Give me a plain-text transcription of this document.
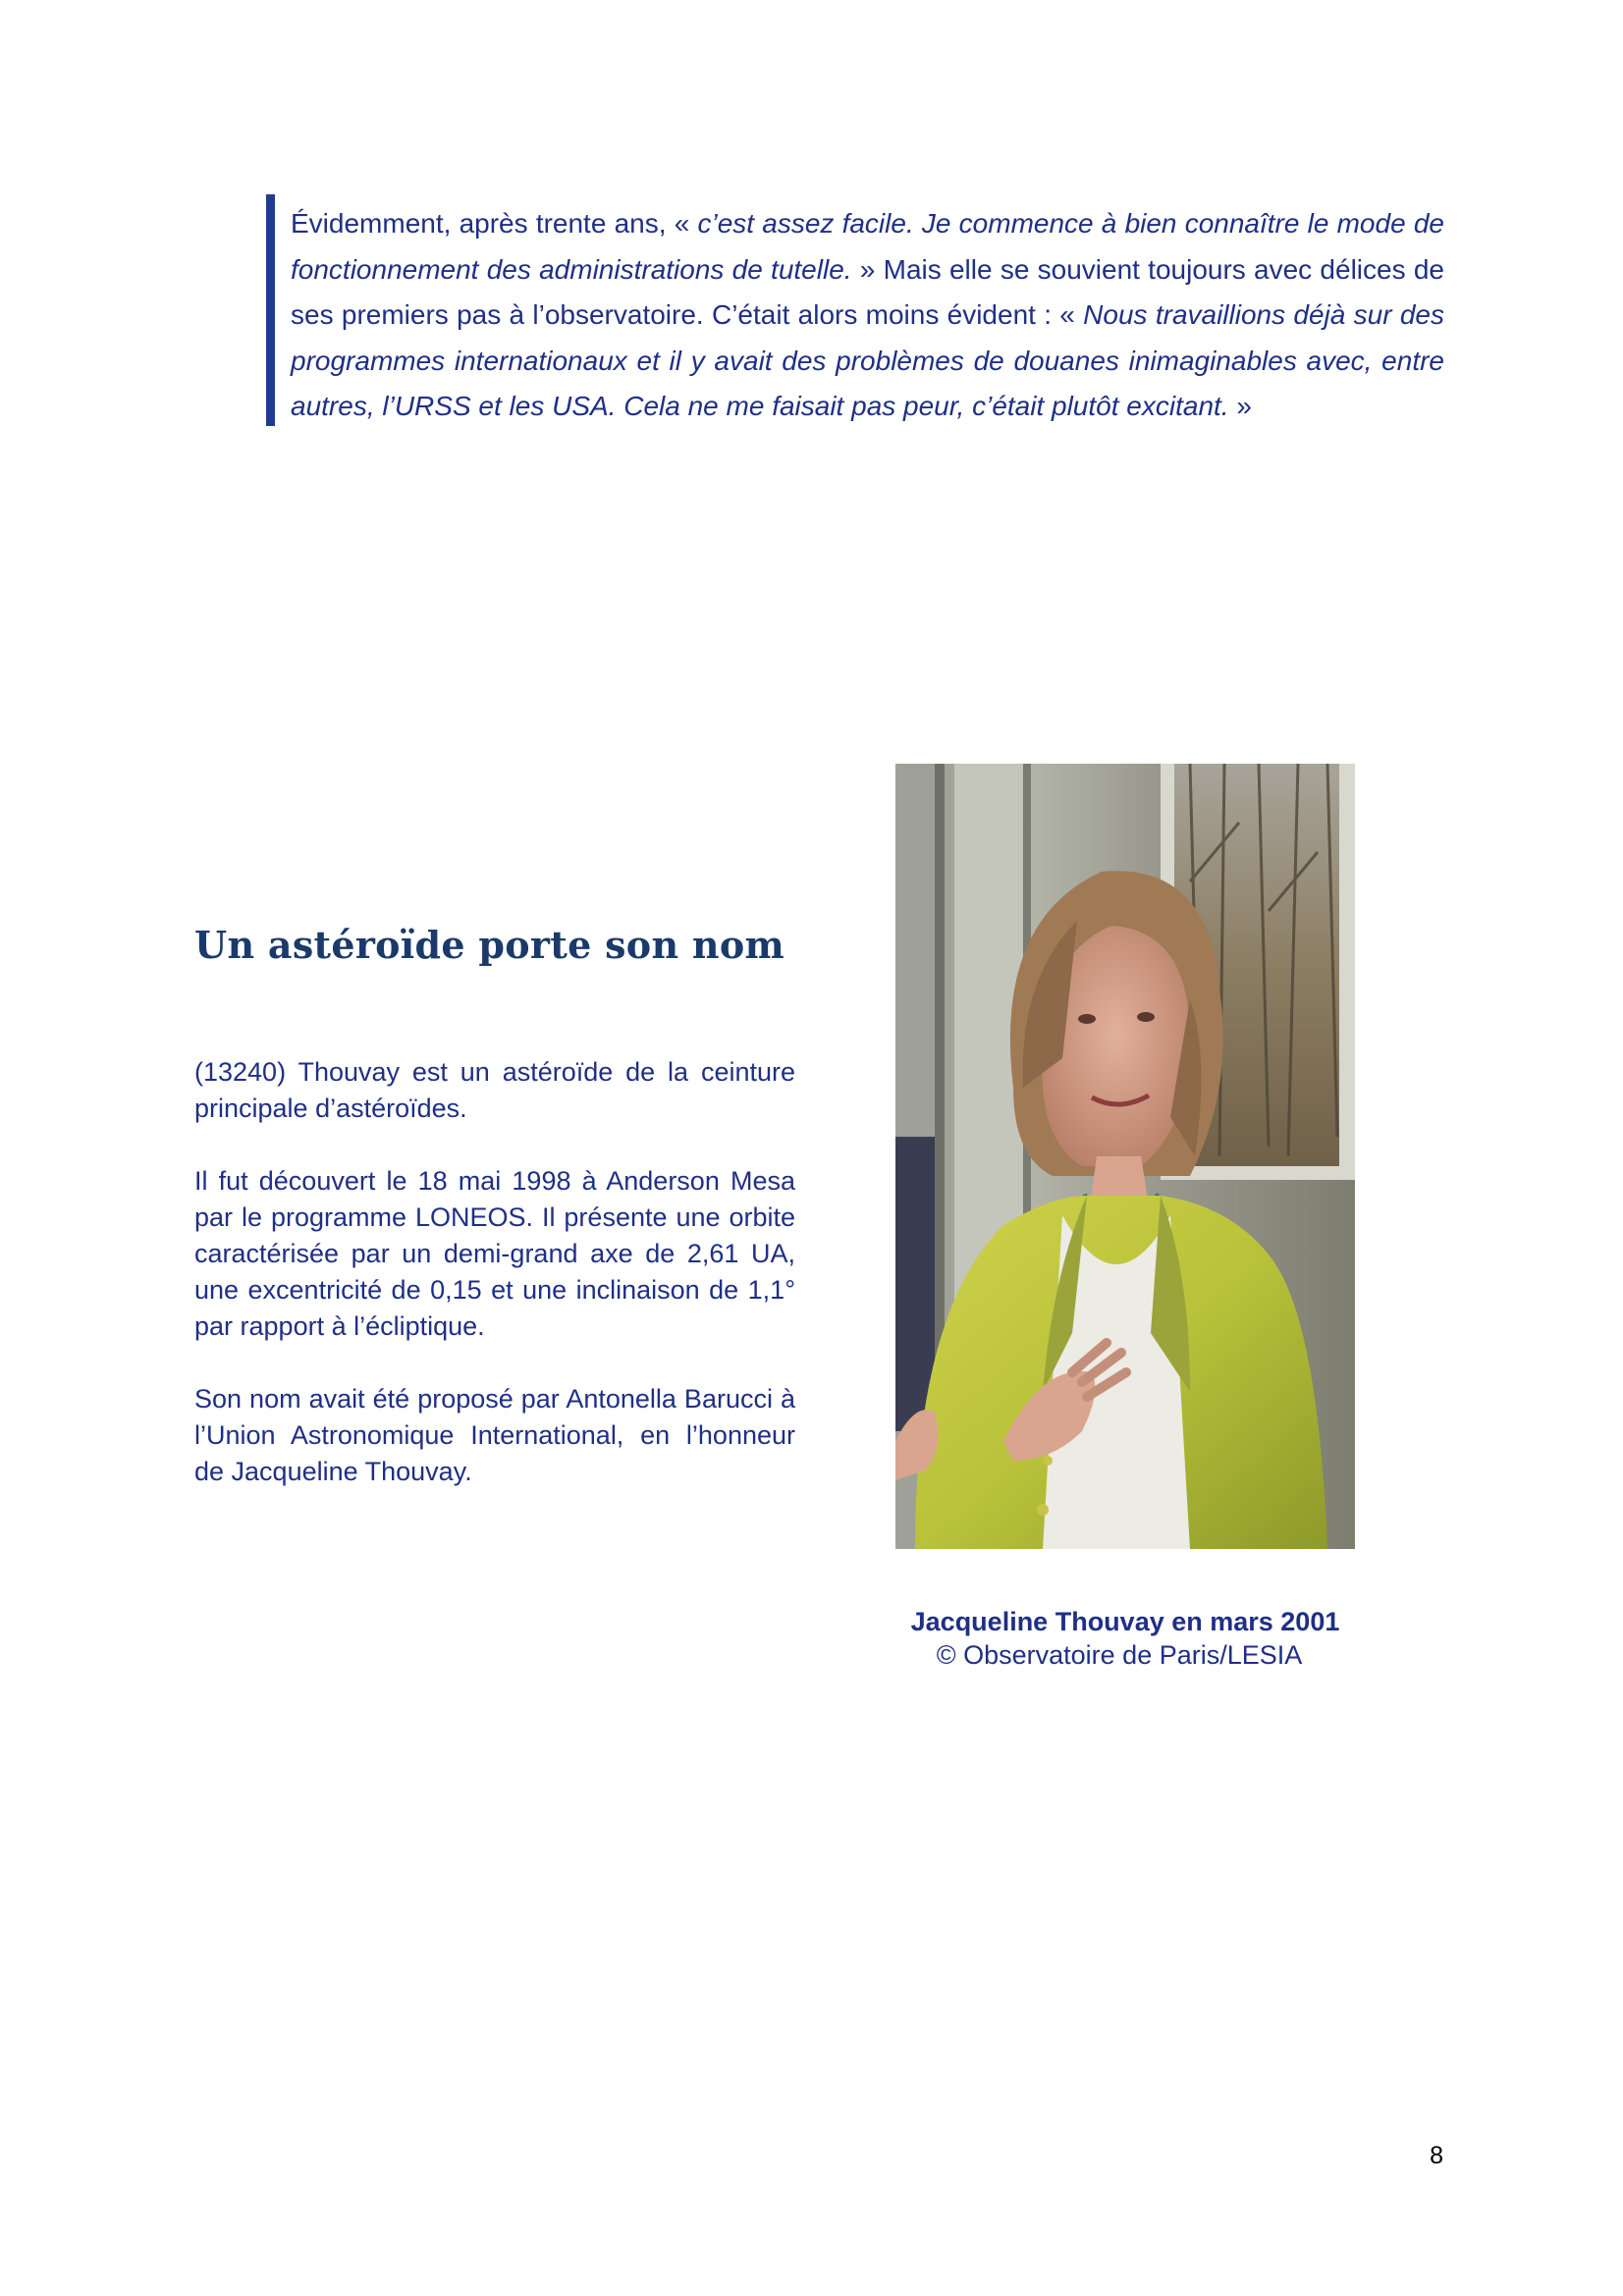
Évidemment, après trente ans, « c’est assez facile. Je commence à bien connaître le mode de fonctionnement des administrations de tutelle. » Mais elle se souvient toujours avec délices de ses premiers pas à l’observatoire. C’était alors moins évident : « Nous travaillions déjà sur des programmes internationaux et il y avait des problèmes de douanes inimaginables avec, entre autres, l’URSS et les USA. Cela ne me faisait pas peur, c’était plutôt excitant. »

Un astéroïde porte son nom

(13240) Thouvay est un astéroïde de la ceinture principale d’astéroïdes.

Il fut découvert le 18 mai 1998 à Anderson Mesa par le programme LONEOS. Il présente une orbite caractérisée par un demi-grand axe de 2,61 UA, une excentricité de 0,15 et une inclinaison de 1,1° par rapport à l’écliptique.

Son nom avait été proposé par Antonella Barucci à l’Union Astronomique International, en l’honneur de Jacqueline Thouvay.

Jacqueline Thouvay en mars 2001

© Observatoire de Paris/LESIA

8
